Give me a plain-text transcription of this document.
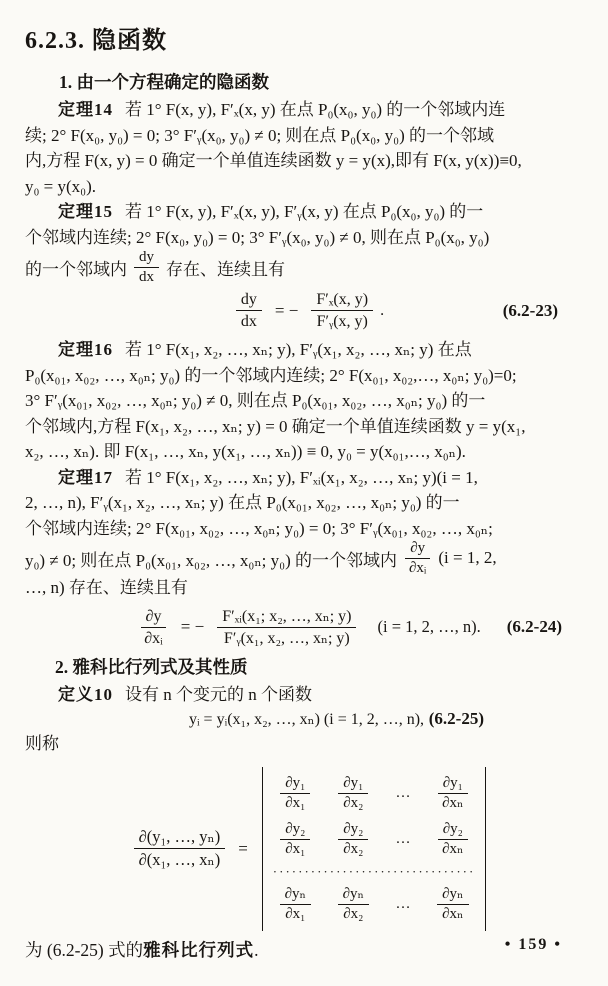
6.2.3. 隐函数
1. 由一个方程确定的隐函数
定理14 若 1° F(x, y), F′ₓ(x, y) 在点 P₀(x₀, y₀) 的一个邻域内连
续; 2° F(x₀, y₀) = 0; 3° F′ᵧ(x₀, y₀) ≠ 0; 则在点 P₀(x₀, y₀) 的一个邻域
内,方程 F(x, y) = 0 确定一个单值连续函数 y = y(x),即有 F(x, y(x))≡0,
y₀ = y(x₀).
定理15 若 1° F(x, y), F′ₓ(x, y), F′ᵧ(x, y) 在点 P₀(x₀, y₀) 的一
个邻域内连续; 2° F(x₀, y₀) = 0; 3° F′ᵧ(x₀, y₀) ≠ 0, 则在点 P₀(x₀, y₀)
的一个邻域内 $\frac{dy}{dx}$ 存在、连续且有
$\frac{dy}{dx}$ = − $\frac{\text{F′ₓ(x, y)}}{\text{F′ᵧ(x, y)}}$ .	(6.2-23)
定理16 若 1° F(x₁, x₂, …, xₙ; y), F′ᵧ(x₁, x₂, …, xₙ; y) 在点
P₀(x₀₁, x₀₂, …, x₀ₙ; y₀) 的一个邻域内连续; 2° F(x₀₁, x₀₂,…, x₀ₙ; y₀)=0;
3° F′ᵧ(x₀₁, x₀₂, …, x₀ₙ; y₀) ≠ 0, 则在点 P₀(x₀₁, x₀₂, …, x₀ₙ; y₀) 的一
个邻域内,方程 F(x₁, x₂, …, xₙ; y) = 0 确定一个单值连续函数 y = y(x₁,
x₂, …, xₙ). 即 F(x₁, …, xₙ, y(x₁, …, xₙ)) ≡ 0, y₀ = y(x₀₁,…, x₀ₙ).
定理17 若 1° F(x₁, x₂, …, xₙ; y), F′ₓᵢ(x₁, x₂, …, xₙ; y)(i = 1,
2, …, n), F′ᵧ(x₁, x₂, …, xₙ; y) 在点 P₀(x₀₁, x₀₂, …, x₀ₙ; y₀) 的一
个邻域内连续; 2° F(x₀₁, x₀₂, …, x₀ₙ; y₀) = 0; 3° F′ᵧ(x₀₁, x₀₂, …, x₀ₙ;
y₀) ≠ 0; 则在点 P₀(x₀₁, x₀₂, …, x₀ₙ; y₀) 的一个邻域内 $\frac{\partial y}{\text{∂xᵢ}} (i = 1$, 2,
…, n) 存在、连续且有
$\frac{\partial y}{\text{∂xᵢ}}$ = − $\frac{\text{F′ₓᵢ(x₁; x₂, …, xₙ; y)}}{\text{F′ᵧ(x₁, x₂, …, xₙ; y)}} (i = 1$, 2, …, n). (6.2-24)
2. 雅科比行列式及其性质
定义10 设有 n 个变元的 n 个函数
yᵢ = yᵢ(x₁, x₂, …, xₙ) (i = 1, 2, …, n), (6.2-25)
则称
$\frac{\text{∂(y₁, …, yₙ)}}{\text{∂(x₁, …, xₙ)}}$ =
$\frac{\text{∂y₁}}{\text{∂x₁}} \frac{\text{∂y₁}}{\text{∂x₂}}$ … $\frac{\text{∂y₁}}{\text{∂xₙ}}$
$\frac{\text{∂y₂}}{\text{∂x₁}} \frac{\text{∂y₂}}{\text{∂x₂}}$ … $\frac{\text{∂y₂}}{\text{∂xₙ}}$
································
$\frac{\text{∂yₙ}}{\text{∂x₁}} \frac{\text{∂yₙ}}{\text{∂x₂}}$ … $\frac{\text{∂yₙ}}{\text{∂xₙ}}$
为 (6.2-25) 式的雅科比行列式.	• 159 •
